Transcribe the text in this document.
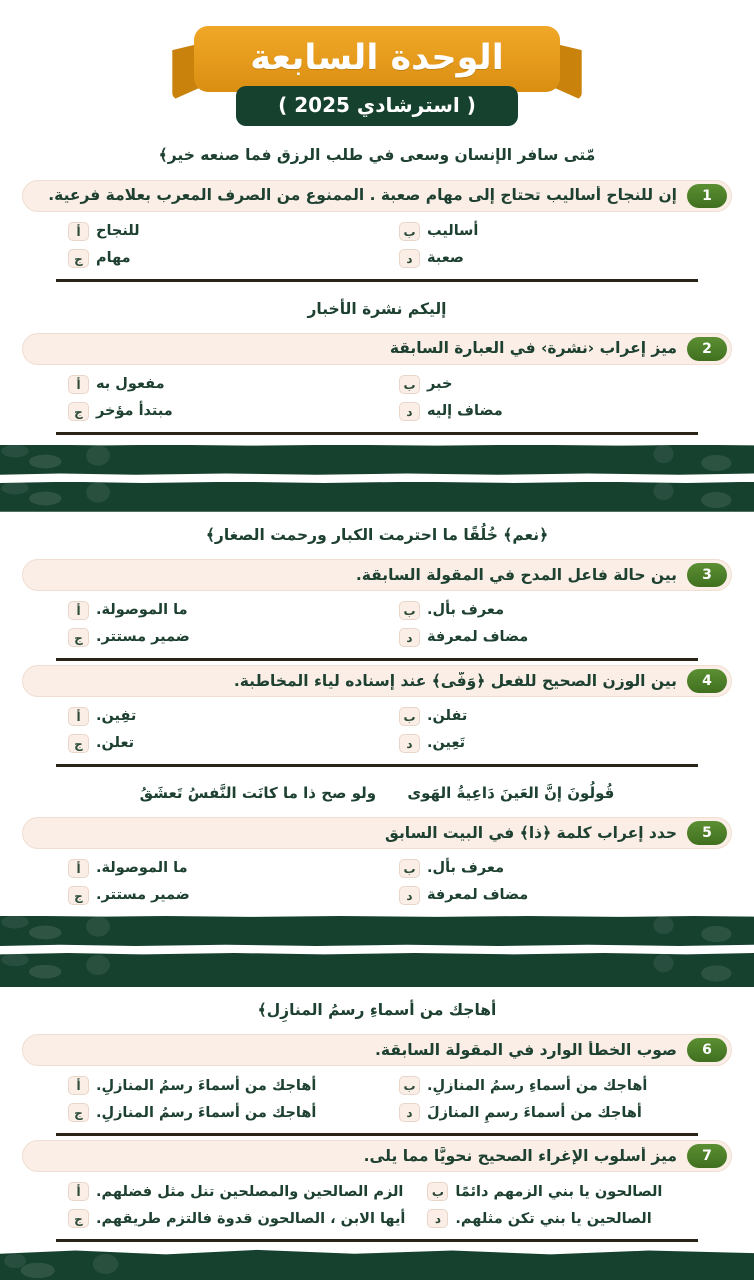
الوحدة السابعة
( استرشادي 2025 )
مّتى سافر الإنسان وسعى في طلب الرزق فما صنعه خير﴾
1
إن للنجاح أساليب تحتاج إلى مهام صعبة . الممنوع من الصرف المعرب بعلامة فرعية.
أساليب
ب
للنجاح
أ
صعبة
د
مهام
ج
إليكم نشرة الأخبار
2
ميز إعراب ‹نشرة› في العبارة السابقة
خبر
ب
مفعول به
أ
مضاف إليه
د
مبتدأ مؤخر
ج
﴿نعم﴾ خُلُقًا ما احترمت الكبار ورحمت الصغار﴾
3
بين حالة فاعل المدح في المقولة السابقة.
معرف بأل.
ب
ما الموصولة.
أ
مضاف لمعرفة
د
ضمير مستتر.
ج
4
بين الوزن الصحيح للفعل ﴿وَفَّى﴾ عند إسناده لياء المخاطبة.
تفلن.
ب
تفِين.
أ
تَعِين.
د
تعلن.
ج
قُولُونَ إنَّ العَينَ دَاعِيةُ الهَوى      ولو صح ذا ما كانَت النَّفسُ تَعشَقُ
5
حدد إعراب كلمة ﴿ذا﴾ في البيت السابق
معرف بأل.
ب
ما الموصولة.
أ
مضاف لمعرفة
د
ضمير مستتر.
ج
أهاجك من أسماءِ رسمُ المنازِل﴾
6
صوب الخطأ الوارد في المقولة السابقة.
أهاجك من أسماءِ رسمُ المنازلِ.
ب
أهاجك من أسماءَ رسمُ المنازلِ.
أ
أهاجك من أسماءَ رسمِ المنازلَ
د
أهاجك من أسماءَ رسمُ المنازلِ.
ج
7
ميز أسلوب الإغراء الصحيح نحويًّا مما يلى.
الصالحون يا بني الزمهم دائمًا
ب
الزم الصالحين والمصلحين تنل مثل فضلهم.
أ
الصالحين يا بني تكن مثلهم.
د
أيها الابن ، الصالحون قدوة فالتزم طريقهم.
ج
